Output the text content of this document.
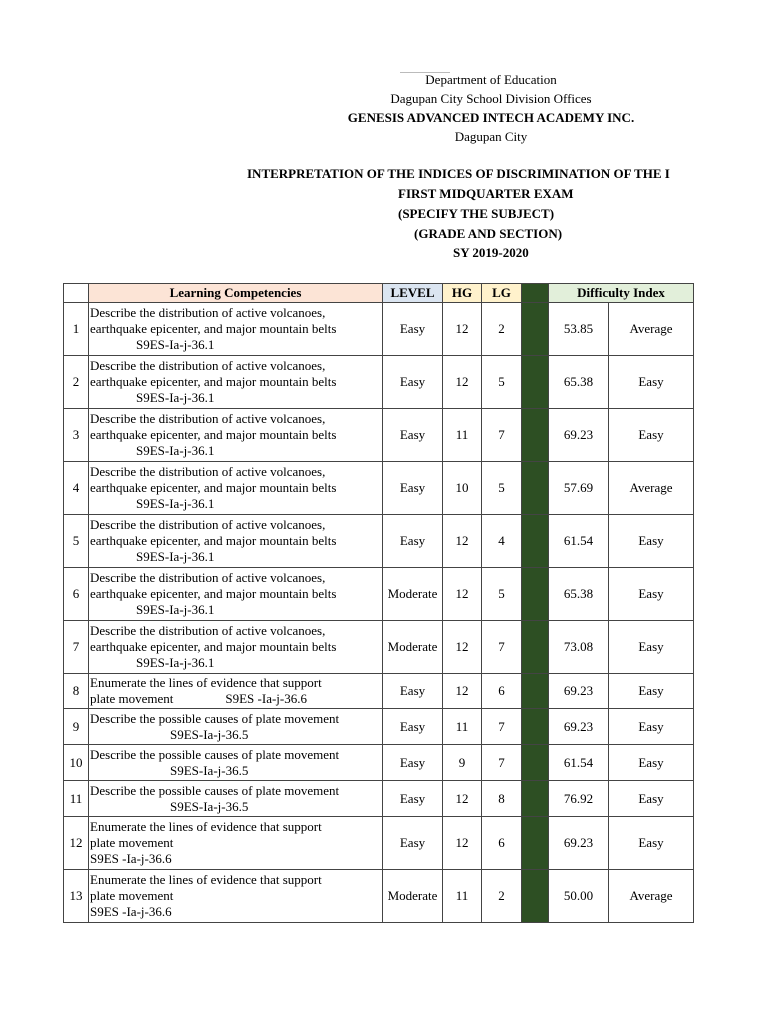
Department of Education
Dagupan City School Division Offices
GENESIS ADVANCED INTECH ACADEMY INC.
Dagupan City
INTERPRETATION OF THE INDICES OF DISCRIMINATION OF THE I
FIRST MIDQUARTER EXAM
(SPECIFY THE SUBJECT)
(GRADE AND SECTION)
SY 2019-2020
	Learning Competencies	LEVEL	HG	LG		Difficulty Index	
1	Describe the distribution of active volcanoes,
earthquake epicenter, and major mountain belts
S9ES-Ia-j-36.1	Easy	12	2		53.85	Average
2	Describe the distribution of active volcanoes,
earthquake epicenter, and major mountain belts
S9ES-Ia-j-36.1	Easy	12	5		65.38	Easy
3	Describe the distribution of active volcanoes,
earthquake epicenter, and major mountain belts
S9ES-Ia-j-36.1	Easy	11	7		69.23	Easy
4	Describe the distribution of active volcanoes,
earthquake epicenter, and major mountain belts
S9ES-Ia-j-36.1	Easy	10	5		57.69	Average
5	Describe the distribution of active volcanoes,
earthquake epicenter, and major mountain belts
S9ES-Ia-j-36.1	Easy	12	4		61.54	Easy
6	Describe the distribution of active volcanoes,
earthquake epicenter, and major mountain belts
S9ES-Ia-j-36.1	Moderate	12	5		65.38	Easy
7	Describe the distribution of active volcanoes,
earthquake epicenter, and major mountain belts
S9ES-Ia-j-36.1	Moderate	12	7		73.08	Easy
8	Enumerate the lines of evidence that support
plate movement S9ES -Ia-j-36.6	Easy	12	6		69.23	Easy
9	Describe the possible causes of plate movement
S9ES-Ia-j-36.5	Easy	11	7		69.23	Easy
10	Describe the possible causes of plate movement
S9ES-Ia-j-36.5	Easy	9	7		61.54	Easy
11	Describe the possible causes of plate movement
S9ES-Ia-j-36.5	Easy	12	8		76.92	Easy
12	Enumerate the lines of evidence that support
plate movement
S9ES -Ia-j-36.6	Easy	12	6		69.23	Easy
13	Enumerate the lines of evidence that support
plate movement
S9ES -Ia-j-36.6	Moderate	11	2		50.00	Average
